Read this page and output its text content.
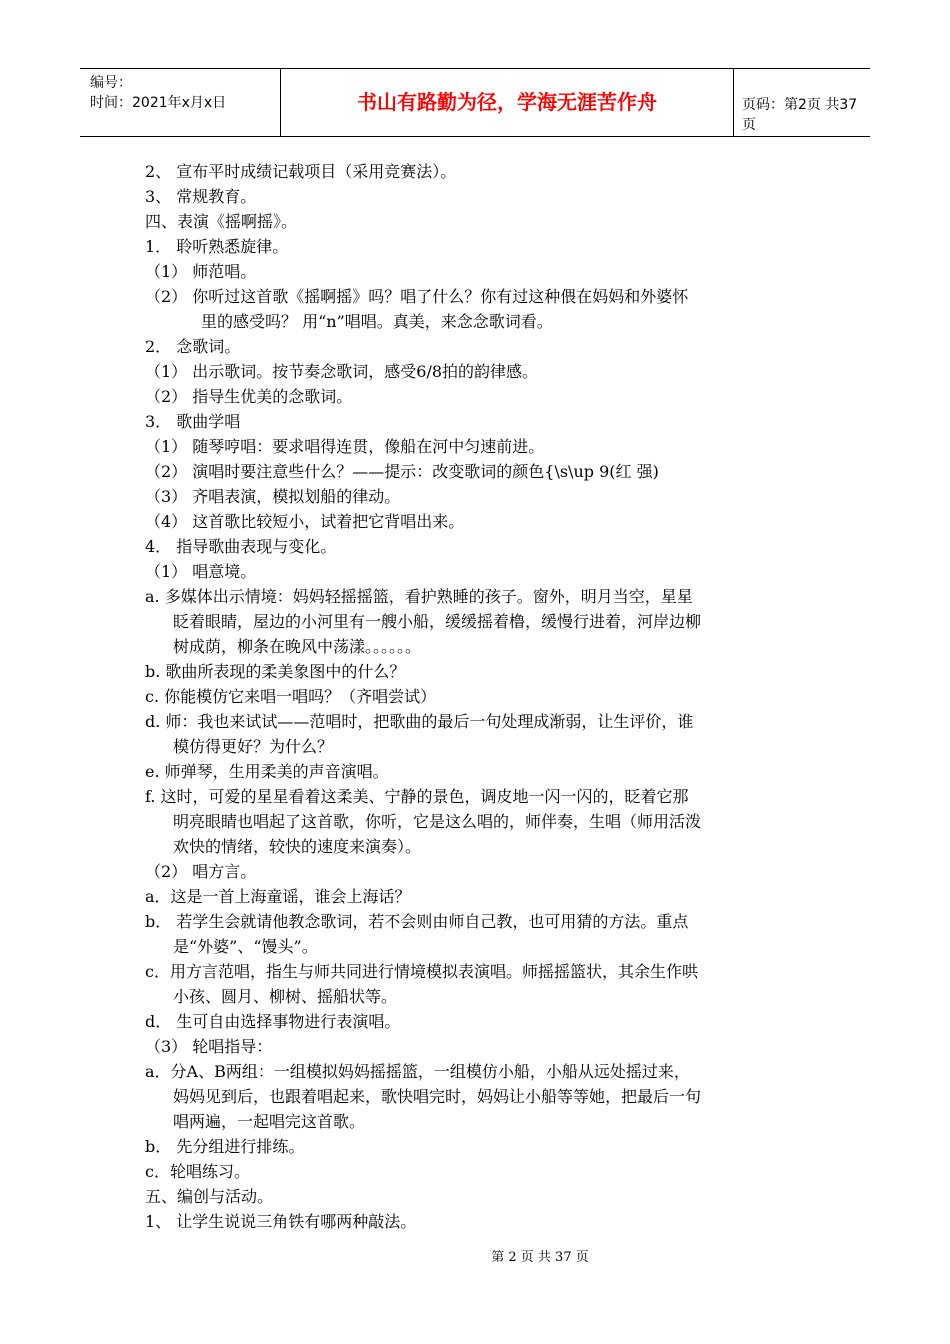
编号：
时间：2021年x月x日	书山有路勤为径，学海无涯苦作舟	页码：第2页 共37页
2、 宣布平时成绩记载项目（采用竞赛法）。
3、 常规教育。
四、表演《摇啊摇》。
1． 聆听熟悉旋律。
（1） 师范唱。
（2） 你听过这首歌《摇啊摇》吗？唱了什么？你有过这种偎在妈妈和外婆怀
里的感受吗？ 用“n”唱唱。真美，来念念歌词看。
2． 念歌词。
（1） 出示歌词。按节奏念歌词，感受6/8拍的韵律感。
（2） 指导生优美的念歌词。
3． 歌曲学唱
（1） 随琴哼唱：要求唱得连贯，像船在河中匀速前进。
（2） 演唱时要注意些什么？——提示：改变歌词的颜色{\s\up 9(红 强)
（3） 齐唱表演，模拟划船的律动。
（4） 这首歌比较短小，试着把它背唱出来。
4． 指导歌曲表现与变化。
（1） 唱意境。
a. 多媒体出示情境：妈妈轻摇摇篮，看护熟睡的孩子。窗外，明月当空，星星
眨着眼睛，屋边的小河里有一艘小船，缓缓摇着橹，缓慢行进着，河岸边柳
树成荫，柳条在晚风中荡漾。。。。。。
b. 歌曲所表现的柔美象图中的什么？
c. 你能模仿它来唱一唱吗？（齐唱尝试）
d. 师：我也来试试——范唱时，把歌曲的最后一句处理成渐弱，让生评价，谁
模仿得更好？为什么？
e. 师弹琴，生用柔美的声音演唱。
f. 这时，可爱的星星看着这柔美、宁静的景色，调皮地一闪一闪的，眨着它那
明亮眼睛也唱起了这首歌，你听，它是这么唱的，师伴奏，生唱（师用活泼
欢快的情绪，较快的速度来演奏）。
（2） 唱方言。
a．这是一首上海童谣，谁会上海话？
b． 若学生会就请他教念歌词，若不会则由师自己教，也可用猜的方法。重点
是“外婆”、“馒头”。
c．用方言范唱，指生与师共同进行情境模拟表演唱。师摇摇篮状，其余生作哄
小孩、圆月、柳树、摇船状等。
d． 生可自由选择事物进行表演唱。
（3） 轮唱指导：
a．分A、B两组：一组模拟妈妈摇摇篮，一组模仿小船，小船从远处摇过来，
妈妈见到后，也跟着唱起来，歌快唱完时，妈妈让小船等等她，把最后一句
唱两遍，一起唱完这首歌。
b． 先分组进行排练。
c．轮唱练习。
五、编创与活动。
1、 让学生说说三角铁有哪两种敲法。
第 2 页 共 37 页
